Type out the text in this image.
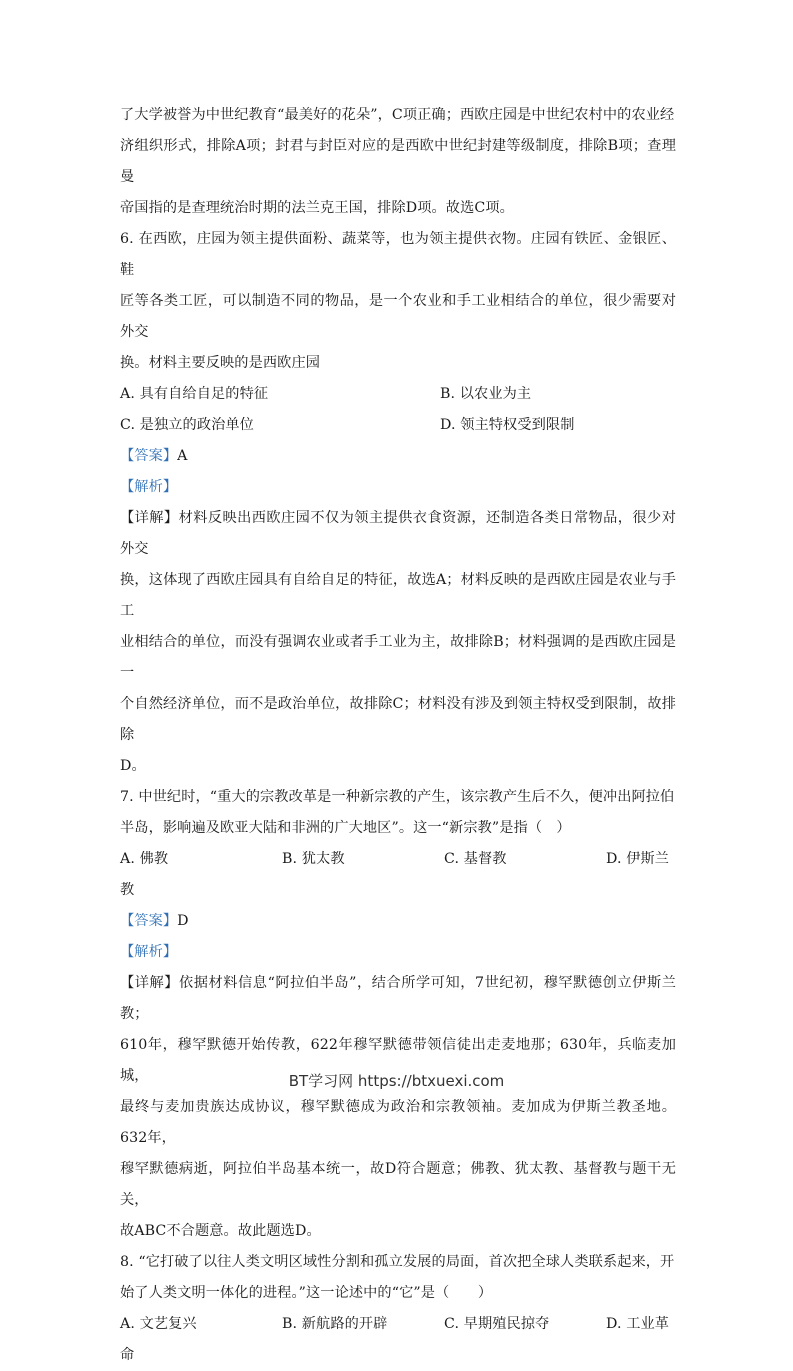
了大学被誉为中世纪教育“最美好的花朵”，C项正确；西欧庄园是中世纪农村中的农业经

济组织形式，排除A项；封君与封臣对应的是西欧中世纪封建等级制度，排除B项；查理曼

帝国指的是查理统治时期的法兰克王国，排除D项。故选C项。

6. 在西欧，庄园为领主提供面粉、蔬菜等，也为领主提供衣物。庄园有铁匠、金银匠、鞋

匠等各类工匠，可以制造不同的物品，是一个农业和手工业相结合的单位，很少需要对外交

换。材料主要反映的是西欧庄园

A. 具有自给自足的特征	B. 以农业为主
C. 是独立的政治单位	D. 领主特权受到限制

【答案】A

【解析】

【详解】材料反映出西欧庄园不仅为领主提供衣食资源，还制造各类日常物品，很少对外交

换，这体现了西欧庄园具有自给自足的特征，故选A；材料反映的是西欧庄园是农业与手工

业相结合的单位，而没有强调农业或者手工业为主，故排除B；材料强调的是西欧庄园是一

个自然经济单位，而不是政治单位，故排除C；材料没有涉及到领主特权受到限制，故排除

D。

7. 中世纪时，“重大的宗教改革是一种新宗教的产生，该宗教产生后不久，便冲出阿拉伯

半岛，影响遍及欧亚大陆和非洲的广大地区”。这一“新宗教”是指（　）

A. 佛教	B. 犹太教	C. 基督教	D. 伊斯兰

教

【答案】D

【解析】

【详解】依据材料信息“阿拉伯半岛”，结合所学可知，7世纪初，穆罕默德创立伊斯兰教；

610年，穆罕默德开始传教，622年穆罕默德带领信徒出走麦地那；630年，兵临麦加城，

最终与麦加贵族达成协议，穆罕默德成为政治和宗教领袖。麦加成为伊斯兰教圣地。632年，

穆罕默德病逝，阿拉伯半岛基本统一，故D符合题意；佛教、犹太教、基督教与题干无关，

故ABC不合题意。故此题选D。

8. “它打破了以往人类文明区域性分割和孤立发展的局面，首次把全球人类联系起来，开

始了人类文明一体化的进程。”这一论述中的“它”是（　　）

A. 文艺复兴	B. 新航路的开辟	C. 早期殖民掠夺	D. 工业革

命

BT学习网 https://btxuexi.com
